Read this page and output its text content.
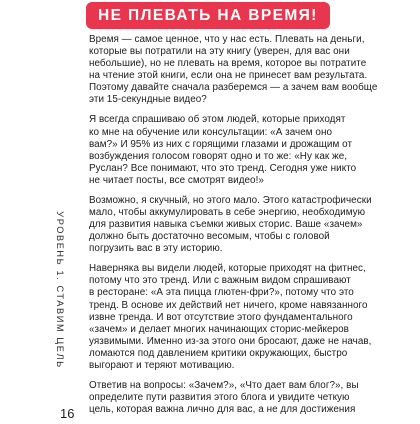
НЕ ПЛЕВАТЬ НА ВРЕМЯ!

Время — самое ценное, что у нас есть. Плевать на деньги,
которые вы потратили на эту книгу (уверен, для вас они
небольшие), но не плевать на время, которое вы потратите
на чтение этой книги, если она не принесет вам результата.
Поэтому давайте сначала разберемся — а зачем вам вообще
эти 15-секундные видео?

Я всегда спрашиваю об этом людей, которые приходят
ко мне на обучение или консультации: «А зачем оно
вам?» И 95% из них с горящими глазами и дрожащим от
возбуждения голосом говорят одно и то же: «Ну как же,
Руслан? Все понимают, что это тренд. Сегодня уже никто
не читает посты, все смотрят видео!»

Возможно, я скучный, но этого мало. Этого катастрофически
мало, чтобы аккумулировать в себе энергию, необходимую
для развития навыка съемки живых сторис. Ваше «зачем»
должно быть достаточно весомым, чтобы с головой
погрузить вас в эту историю.

Наверняка вы видели людей, которые приходят на фитнес,
потому что это тренд. Или с важным видом спрашивают
в ресторане: «А эта пицца глютен-фри?», потому что это
тренд. В основе их действий нет ничего, кроме навязанного
извне тренда. И вот отсутствие этого фундаментального
«зачем» и делает многих начинающих сторис-мейкеров
уязвимыми. Именно из-за этого они бросают, даже не начав,
ломаются под давлением критики окружающих, быстро
выгорают и теряют мотивацию.

Ответив на вопросы: «Зачем?», «Что дает вам блог?», вы
определите пути развития этого блога и увидите четкую
цель, которая важна лично для вас, а не для достижения

УРОВЕНЬ 1. СТАВИМ ЦЕЛЬ
16
